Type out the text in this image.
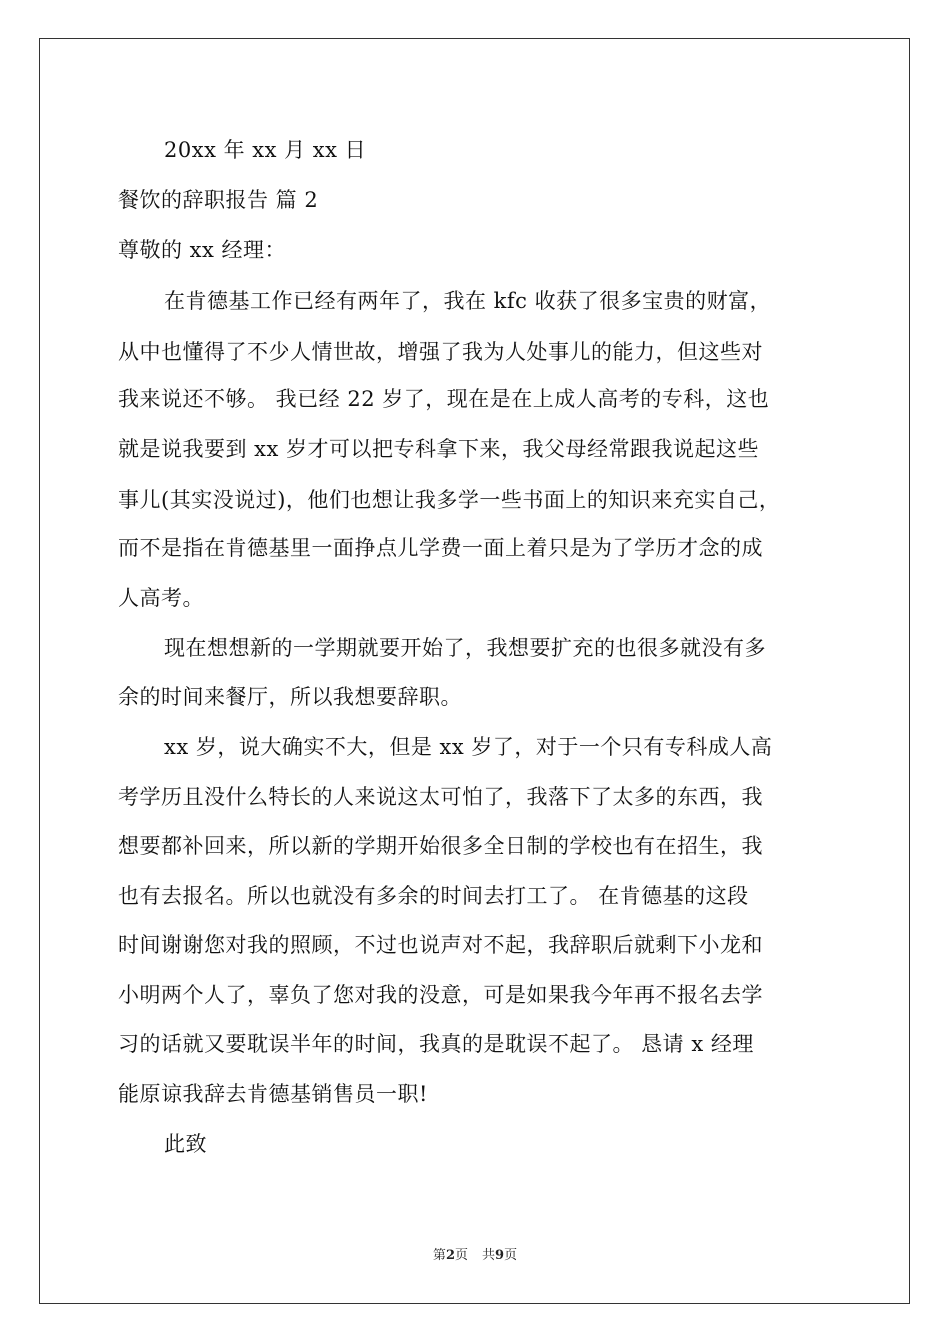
20xx 年 xx 月 xx 日
餐饮的辞职报告 篇 2
尊敬的 xx 经理：
在肯德基工作已经有两年了，我在 kfc 收获了很多宝贵的财富，
从中也懂得了不少人情世故，增强了我为人处事儿的能力，但这些对
我来说还不够。 我已经 22 岁了，现在是在上成人高考的专科，这也
就是说我要到 xx 岁才可以把专科拿下来，我父母经常跟我说起这些
事儿(其实没说过)，他们也想让我多学一些书面上的知识来充实自己，
而不是指在肯德基里一面挣点儿学费一面上着只是为了学历才念的成
人高考。
现在想想新的一学期就要开始了，我想要扩充的也很多就没有多
余的时间来餐厅，所以我想要辞职。
xx 岁，说大确实不大，但是 xx 岁了，对于一个只有专科成人高
考学历且没什么特长的人来说这太可怕了，我落下了太多的东西，我
想要都补回来，所以新的学期开始很多全日制的学校也有在招生，我
也有去报名。所以也就没有多余的时间去打工了。 在肯德基的这段
时间谢谢您对我的照顾，不过也说声对不起，我辞职后就剩下小龙和
小明两个人了，辜负了您对我的没意，可是如果我今年再不报名去学
习的话就又要耽误半年的时间，我真的是耽误不起了。 恳请 x 经理
能原谅我辞去肯德基销售员一职!
此致
第2页 共9页
